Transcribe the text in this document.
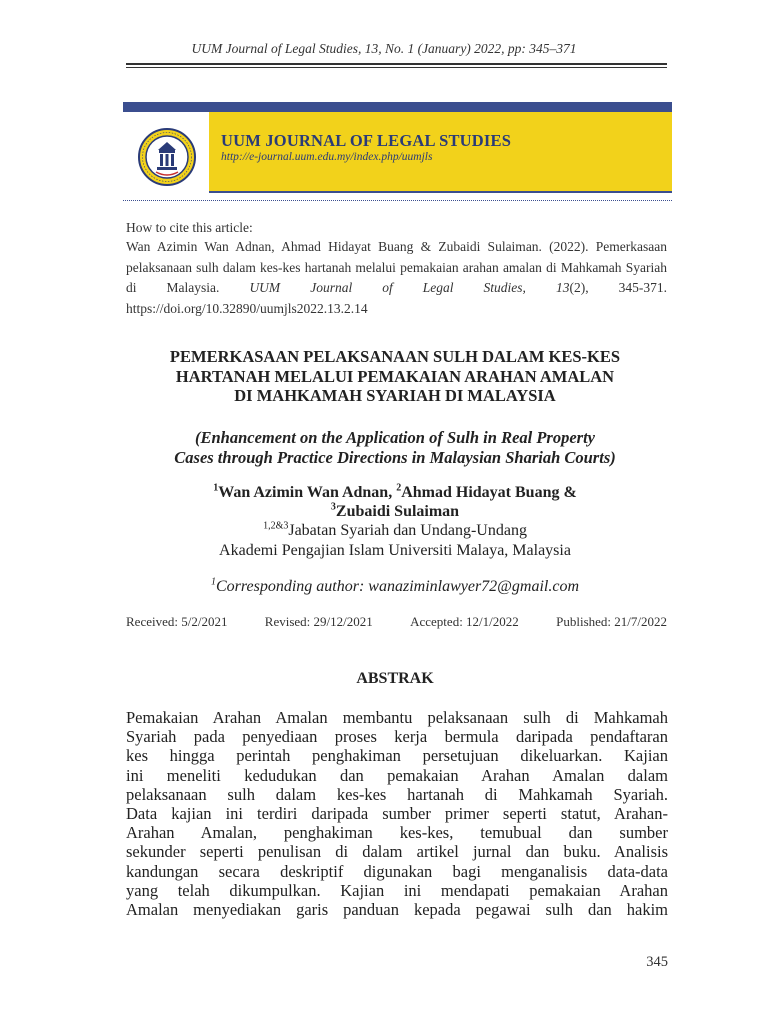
UUM Journal of Legal Studies, 13, No. 1 (January) 2022, pp: 345–371
UUM JOURNAL OF LEGAL STUDIES
http://e-journal.uum.edu.my/index.php/uumjls
How to cite this article:
Wan Azimin Wan Adnan, Ahmad Hidayat Buang & Zubaidi Sulaiman. (2022). Pemerkasaan pelaksanaan sulh dalam kes-kes hartanah melalui pemakaian arahan amalan di Mahkamah Syariah di Malaysia. UUM Journal of Legal Studies, 13(2), 345-371. https://doi.org/10.32890/uumjls2022.13.2.14
PEMERKASAAN PELAKSANAAN SULH DALAM KES-KES
HARTANAH MELALUI PEMAKAIAN ARAHAN AMALAN
DI MAHKAMAH SYARIAH DI MALAYSIA
(Enhancement on the Application of Sulh in Real Property
Cases through Practice Directions in Malaysian Shariah Courts)
$^1$Wan Azimin Wan Adnan, $^2$Ahmad Hidayat Buang &
$^3$Zubaidi Sulaiman
$^{1,2\&3}$Jabatan Syariah dan Undang-Undang
Akademi Pengajian Islam Universiti Malaya, Malaysia
$^1$Corresponding author: wanaziminlawyer72@gmail.com
Received: 5/2/2021	Revised: 29/12/2021	Accepted: 12/1/2022	Published: 21/7/2022
ABSTRAK
Pemakaian Arahan Amalan membantu pelaksanaan sulh di Mahkamah
Syariah pada penyediaan proses kerja bermula daripada pendaftaran
kes hingga perintah penghakiman persetujuan dikeluarkan. Kajian
ini meneliti kedudukan dan pemakaian Arahan Amalan dalam
pelaksanaan sulh dalam kes-kes hartanah di Mahkamah Syariah.
Data kajian ini terdiri daripada sumber primer seperti statut, Arahan-
Arahan Amalan, penghakiman kes-kes, temubual dan sumber
sekunder seperti penulisan di dalam artikel jurnal dan buku. Analisis
kandungan secara deskriptif digunakan bagi menganalisis data-data
yang telah dikumpulkan. Kajian ini mendapati pemakaian Arahan
Amalan menyediakan garis panduan kepada pegawai sulh dan hakim
345
